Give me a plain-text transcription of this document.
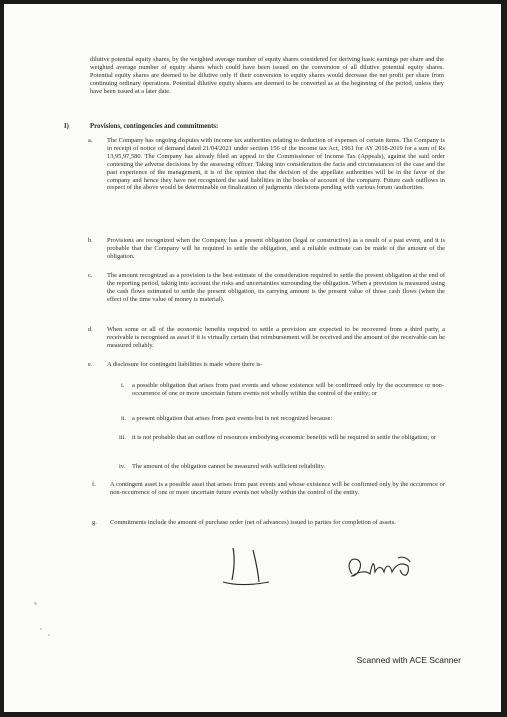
dilutive potential equity shares, by the weighted average number of equity shares considered for deriving basic earnings per share and the weighted average number of equity shares which could have been issued on the conversion of all dilutive potential equity shares. Potential equity shares are deemed to be dilutive only if their conversion to equity shares would decrease the net profit per share from continuing ordinary operations. Potential dilutive equity shares are deemed to be converted as at the beginning of the period, unless they have been issued at a later date.
I)	Provisions, contingencies and commitments:
a. The Company has ongoing disputes with income tax authorities relating to deduction of expenses of certain items. The Company is in receipt of notice of demand dated 21/04/2021 under section 156 of the income tax Act, 1961 for AY 2018-2019 for a sum of Rs 13,95,97,580. The Company has already filed an appeal to the Commissioner of Income Tax (Appeals), against the said order contesting the adverse decisions by the assessing officer. Taking into consideration the facts and circumstances of the case and the past experience of the management, it is of the opinion that the decision of the appellate authorities will be in the favor of the company and hence they have not recognized the said liabilities in the books of account of the company. Future cash outflows in respect of the above would be determinable on finalization of judgments /decisions pending with various forum /authorities.
b. Provisions are recognized when the Company has a present obligation (legal or constructive) as a result of a past event, and it is probable that the Company will be required to settle the obligation, and a reliable estimate can be made of the amount of the obligation.
c. The amount recognized as a provision is the best estimate of the consideration required to settle the present obligation at the end of the reporting period, taking into account the risks and uncertainties surrounding the obligation. When a provision is measured using the cash flows estimated to settle the present obligation, its carrying amount is the present value of those cash flows (when the effect of the time value of money is material).
d. When some or all of the economic benefits required to settle a provision are expected to be recovered from a third party, a receivable is recognised as asset if it is virtually certain that reimbursement will be received and the amount of the receivable can be measured reliably.
e. A disclosure for contingent liabilities is made where there is-
i. a possible obligation that arises from past events and whose existence will be confirmed only by the occurrence or non-occurrence of one or more uncertain future events not wholly within the control of the entity; or
ii. a present obligation that arises from past events but is not recognized because:
iii. it is not probable that an outflow of resources embodying economic benefits will be required to settle the obligation; or
iv. The amount of the obligation cannot be measured with sufficient reliability.
f. A contingent asset is a possible asset that arises from past events and whose existence will be confirmed only by the occurrence or non-occurrence of one or more uncertain future events not wholly within the control of the entity.
g. Commitments include the amount of purchase order (net of advances) issued to parties for completion of assets.
Scanned with ACE Scanner
